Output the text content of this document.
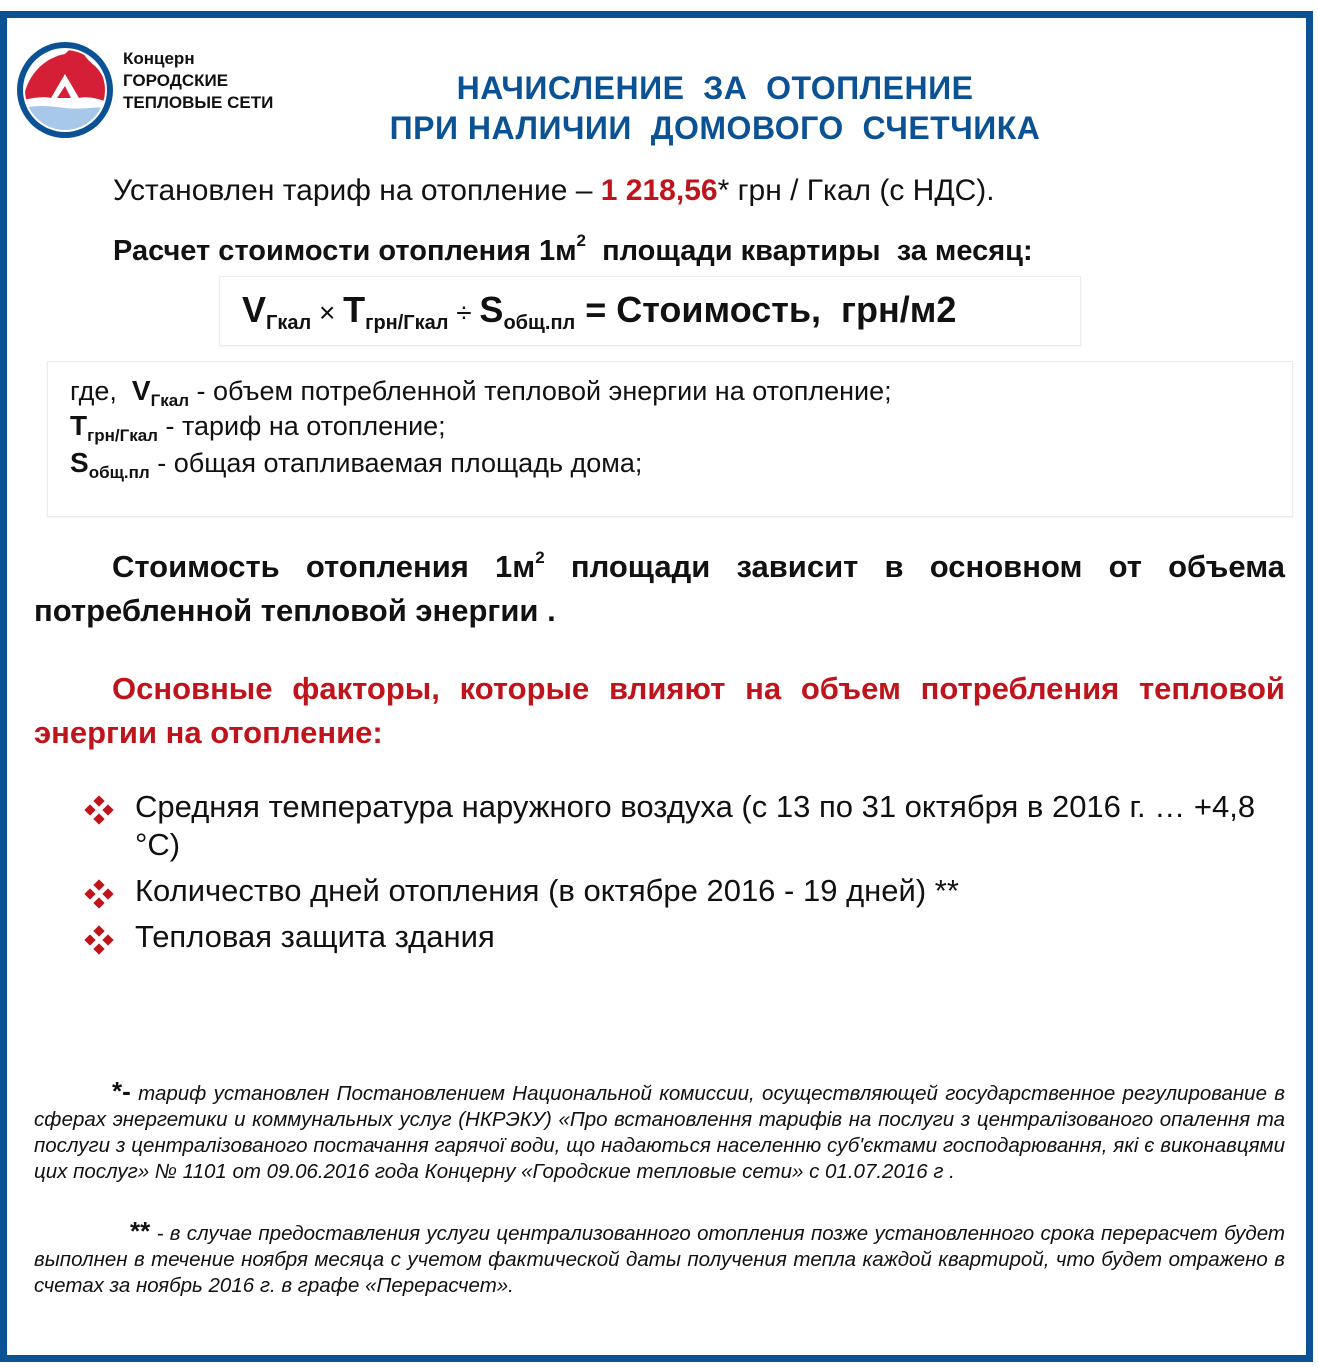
Концерн
ГОРОДСКИЕ
ТЕПЛОВЫЕ СЕТИ	НАЧИСЛЕНИЕ  ЗА  ОТОПЛЕНИЕ
ПРИ НАЛИЧИИ  ДОМОВОГО  СЧЕТЧИКА
Установлен тариф на отопление – 1 218,56* грн / Гкал (с НДС).
Расчет стоимости отопления $1м^2$  площади квартиры  за месяц:
$V_{Гкал} \times T_{грн/Гкал} \div S_{общ.пл}$ = Стоимость,  грн/м2
где,  $V_{Гкал}$ - объем потребленной тепловой энергии на отопление;
$T_{грн/Гкал}$ - тариф на отопление;
$S_{общ.пл}$ - общая отапливаемая площадь дома;
Стоимость отопления $1м^2$ площади зависит в основном от объема потребленной тепловой энергии .
Основные факторы, которые влияют на объем потребления тепловой энергии на отопление:
Средняя температура наружного воздуха (с 13 по 31 октября в 2016 г. … +4,8 °С)
Количество дней отопления (в октябре 2016 - 19 дней) **
Тепловая защита здания
*- тариф установлен Постановлением Национальной комиссии, осуществляющей государственное регулирование в сферах энергетики и коммунальных услуг (НКРЭКУ) «Про встановлення тарифів на послуги з централізованого опалення та послуги з централізованого постачання гарячої води, що надаються населенню суб'єктами господарювання, які є виконавцями цих послуг» № 1101 от 09.06.2016 года Концерну «Городские тепловые сети» с 01.07.2016 г .
** - в случае предоставления услуги централизованного отопления позже установленного срока перерасчет будет выполнен в течение ноября месяца с учетом фактической даты получения тепла каждой квартирой, что будет отражено в счетах за ноябрь 2016 г. в графе «Перерасчет».
